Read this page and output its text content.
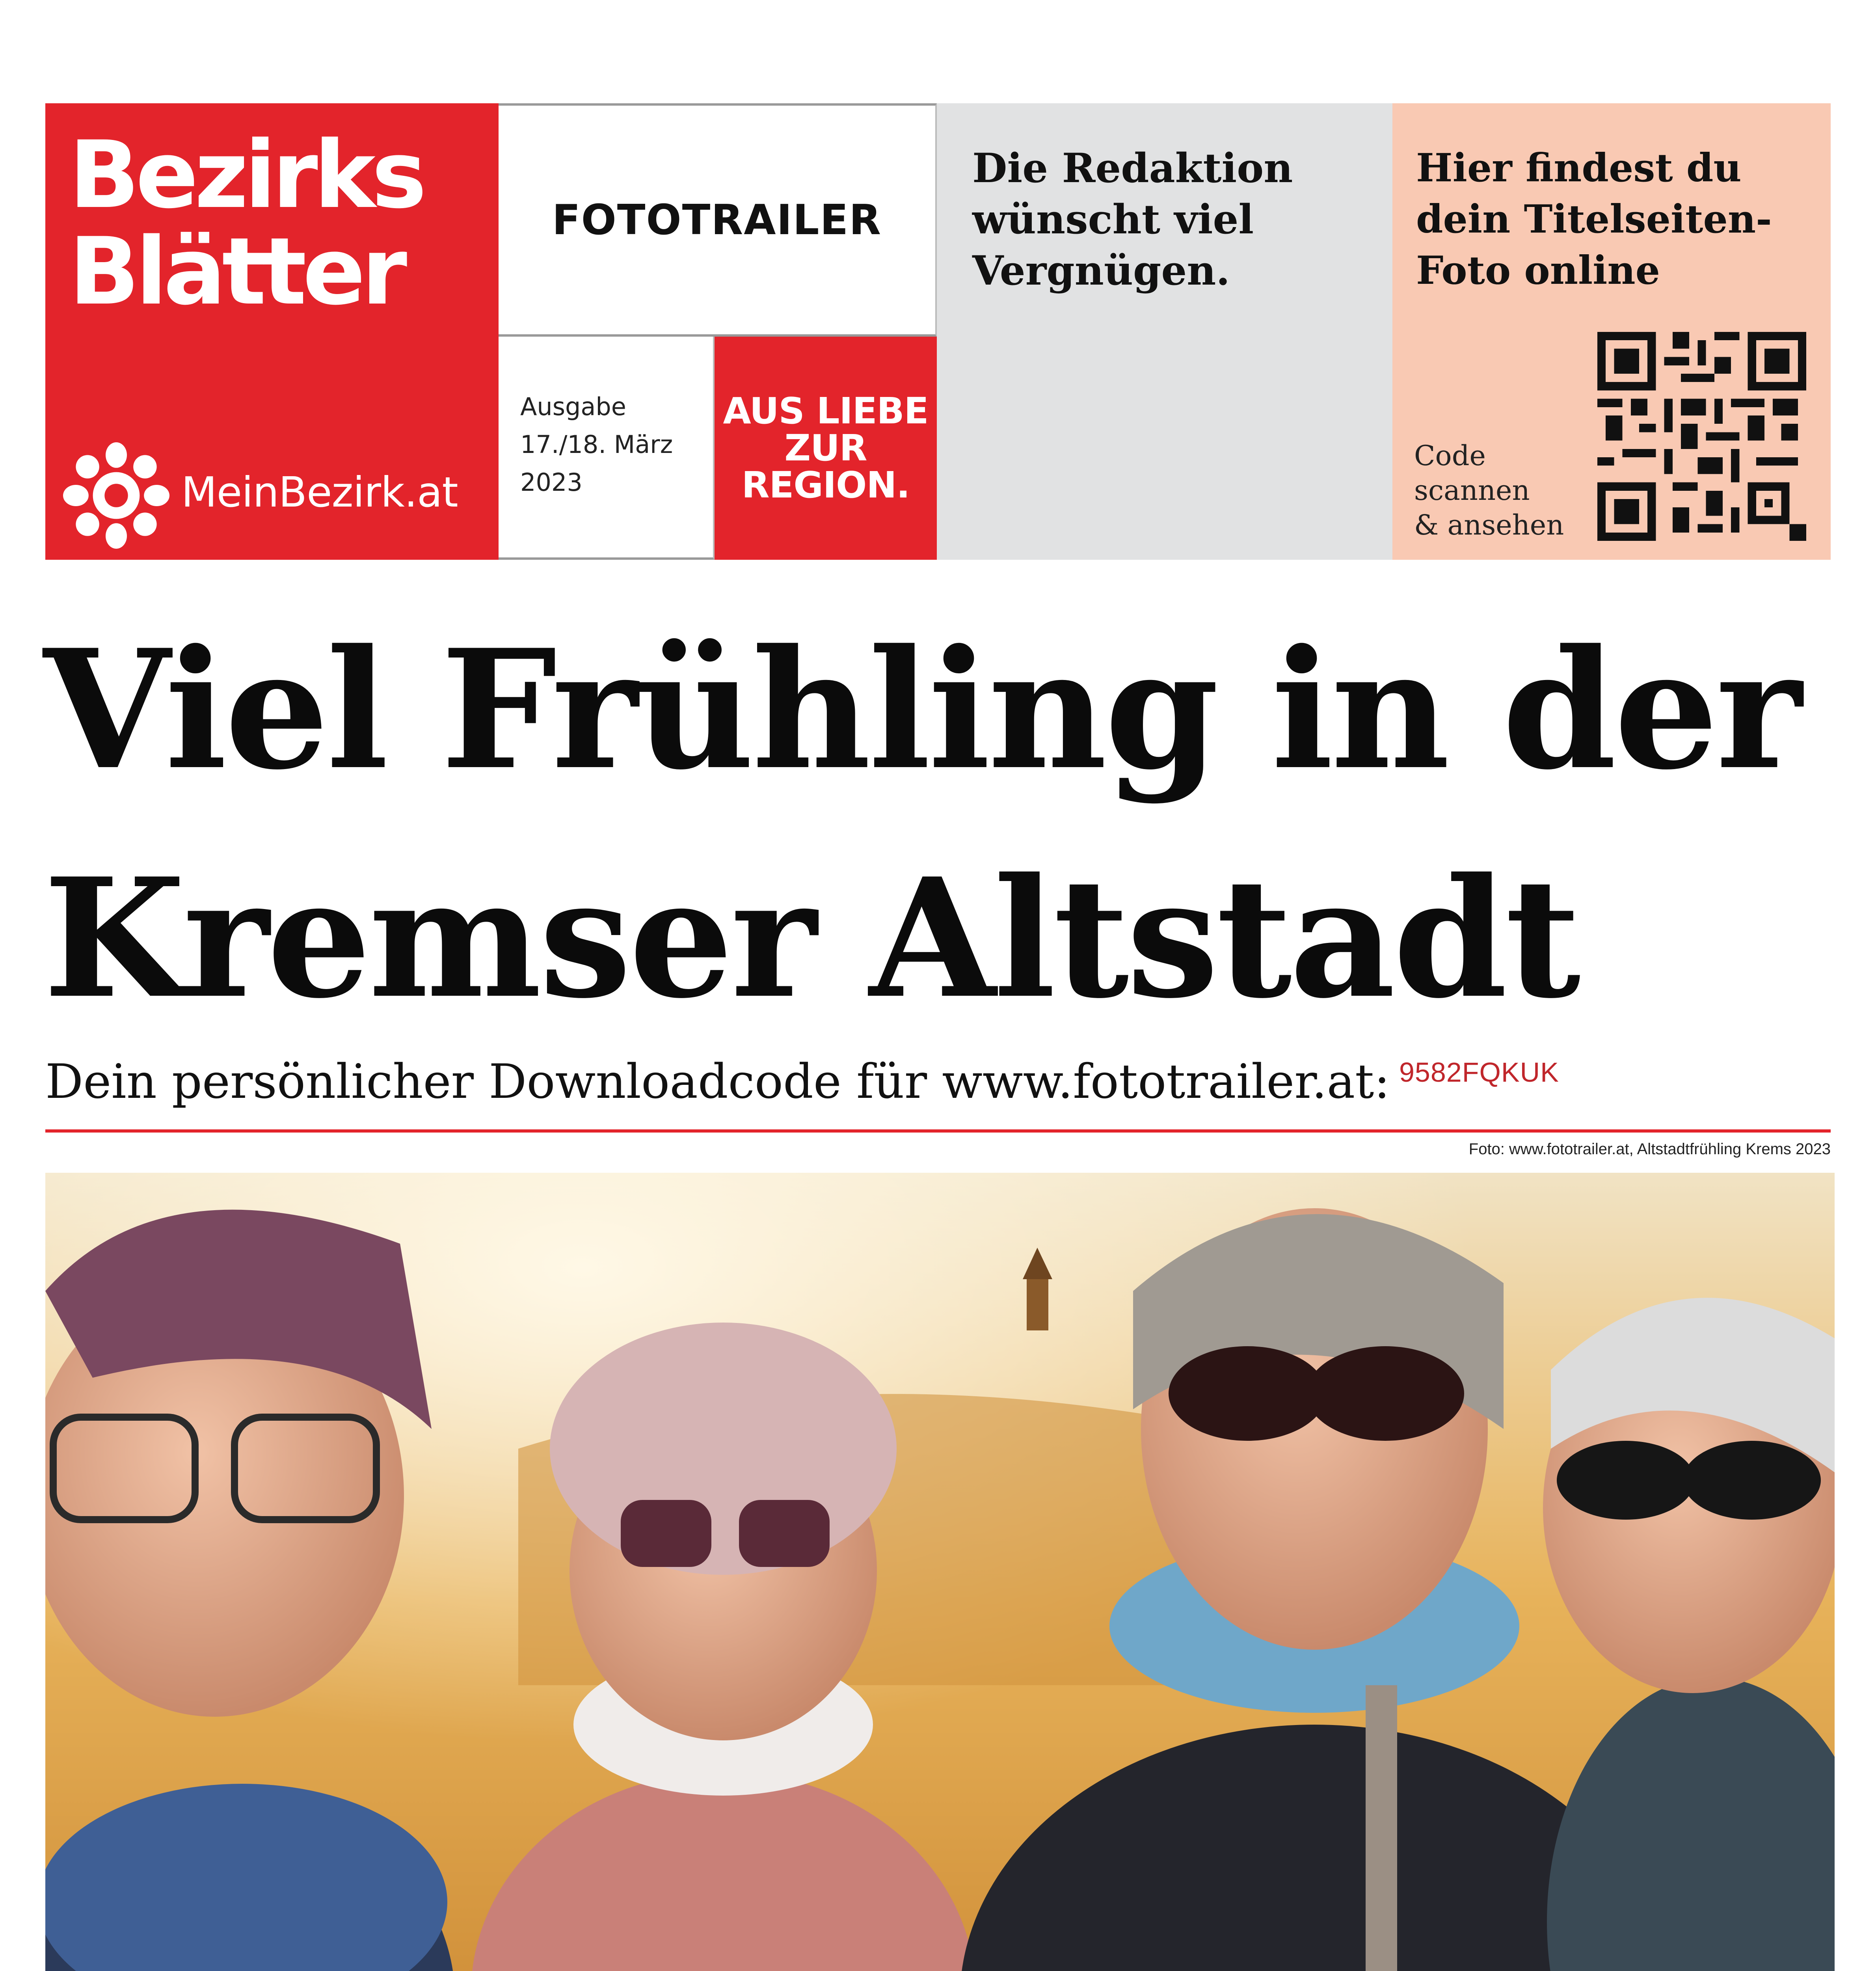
Bezirks
Blätter
MeinBezirk.at
FOTOTRAILER
Ausgabe
17./18. März
2023
AUS LIEBE
ZUR
REGION.
Die Redaktion wünscht viel Vergnügen.
Hier findest du dein Titelseiten-Foto online
Code
scannen
& ansehen
Viel Frühling in der Kremser Altstadt
Dein persönlicher Downloadcode für www.fototrailer.at: 9582FQKUK
Foto: www.fototrailer.at, Altstadtfrühling Krems 2023
